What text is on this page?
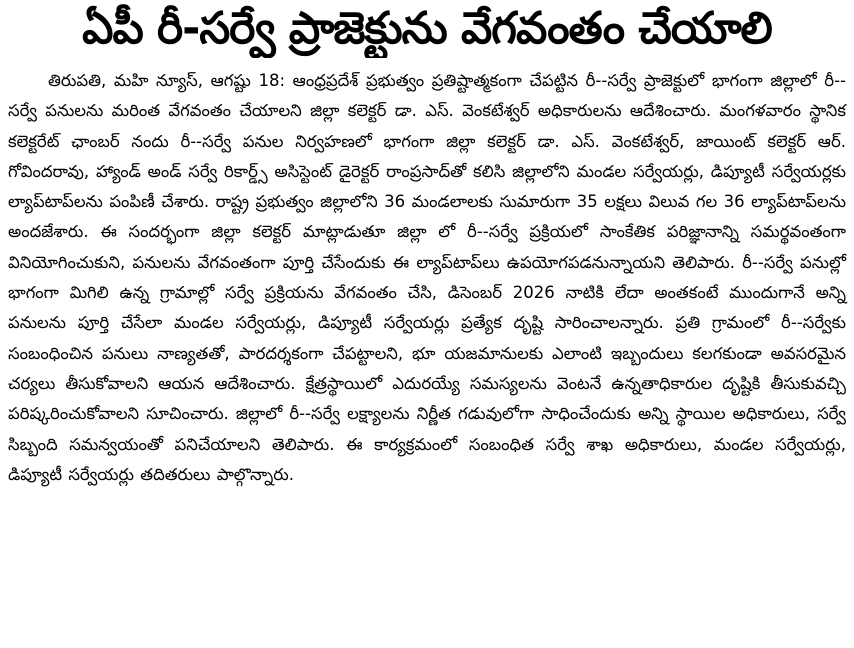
ఏపీ రీ-సర్వే ప్రాజెక్టును వేగవంతం చేయాలి

తిరుపతి, మహి న్యూస్, ఆగష్టు 18: ఆంధ్రప్రదేశ్ ప్రభుత్వం ప్రతిష్టాత్మకంగా చేపట్టిన రీ--సర్వే ప్రాజెక్టులో భాగంగా జిల్లాలో రీ--సర్వే పనులను మరింత వేగవంతం చేయాలని జిల్లా కలెక్టర్ డా. ఎస్. వెంకటేశ్వర్ అధికారులను ఆదేశించారు. మంగళవారం స్థానిక కలెక్టరేట్ ఛాంబర్ నందు రీ--సర్వే పనుల నిర్వహణలో భాగంగా జిల్లా కలెక్టర్ డా. ఎస్. వెంకటేశ్వర్, జాయింట్ కలెక్టర్ ఆర్. గోవిందరావు, హ్యాండ్ అండ్ సర్వే రికార్డ్స్ అసిస్టెంట్ డైరెక్టర్ రాంప్రసాద్‌తో కలిసి జిల్లాలోని మండల సర్వేయర్లు, డిప్యూటీ సర్వేయర్లకు ల్యాప్‌టాప్‌లను పంపిణీ చేశారు. రాష్ట్ర ప్రభుత్వం జిల్లాలోని 36 మండలాలకు సుమారుగా 35 లక్షలు విలువ గల 36 ల్యాప్‌టాప్‌లను అందజేశారు. ఈ సందర్భంగా జిల్లా కలెక్టర్ మాట్లాడుతూ జిల్లా లో రీ--సర్వే ప్రక్రియలో సాంకేతిక పరిజ్ఞానాన్ని సమర్థవంతంగా వినియోగించుకుని, పనులను వేగవంతంగా పూర్తి చేసేందుకు ఈ ల్యాప్‌టాప్‌లు ఉపయోగపడనున్నాయని తెలిపారు. రీ--సర్వే పనుల్లో భాగంగా మిగిలి ఉన్న గ్రామాల్లో సర్వే ప్రక్రియను వేగవంతం చేసి, డిసెంబర్ 2026 నాటికి లేదా అంతకంటే ముందుగానే అన్ని పనులను పూర్తి చేసేలా మండల సర్వేయర్లు, డిప్యూటీ సర్వేయర్లు ప్రత్యేక దృష్టి సారించాలన్నారు. ప్రతి గ్రామంలో రీ--సర్వేకు సంబంధించిన పనులు నాణ్యతతో, పారదర్శకంగా చేపట్టాలని, భూ యజమానులకు ఎలాంటి ఇబ్బందులు కలగకుండా అవసరమైన చర్యలు తీసుకోవాలని ఆయన ఆదేశించారు. క్షేత్రస్థాయిలో ఎదురయ్యే సమస్యలను వెంటనే ఉన్నతాధికారుల దృష్టికి తీసుకువచ్చి పరిష్కరించుకోవాలని సూచించారు. జిల్లాలో రీ--సర్వే లక్ష్యాలను నిర్ణీత గడువులోగా సాధించేందుకు అన్ని స్థాయిల అధికారులు, సర్వే సిబ్బంది సమన్వయంతో పనిచేయాలని తెలిపారు. ఈ కార్యక్రమంలో సంబంధిత సర్వే శాఖ అధికారులు, మండల సర్వేయర్లు, డిప్యూటీ సర్వేయర్లు తదితరులు పాల్గొన్నారు.
